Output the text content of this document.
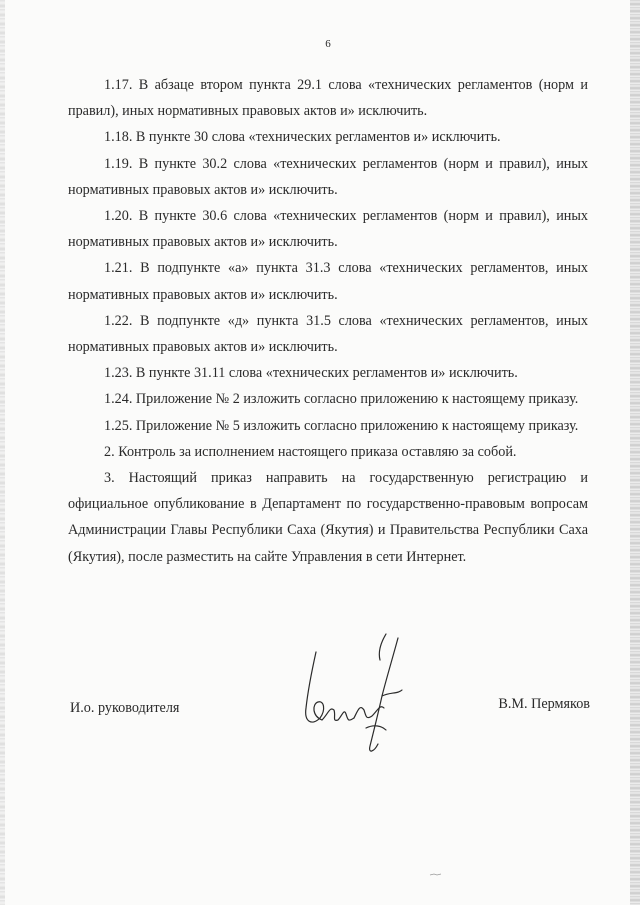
6

1.17. В абзаце втором пункта 29.1 слова «технических регламентов (норм и правил), иных нормативных правовых актов и» исключить.

1.18. В пункте 30 слова «технических регламентов и» исключить.

1.19. В пункте 30.2 слова «технических регламентов (норм и правил), иных нормативных правовых актов и» исключить.

1.20. В пункте 30.6 слова «технических регламентов (норм и правил), иных нормативных правовых актов и» исключить.

1.21. В подпункте «а» пункта 31.3 слова «технических регламентов, иных нормативных правовых актов и» исключить.

1.22. В подпункте «д» пункта 31.5 слова «технических регламентов, иных нормативных правовых актов и» исключить.

1.23. В пункте 31.11 слова «технических регламентов и» исключить.

1.24. Приложение № 2 изложить согласно приложению к настоящему приказу.

1.25. Приложение № 5 изложить согласно приложению к настоящему приказу.

2. Контроль за исполнением настоящего приказа оставляю за собой.

3. Настоящий приказ направить на государственную регистрацию и официальное опубликование в Департамент по государственно-правовым вопросам Администрации Главы Республики Саха (Якутия) и Правительства Республики Саха (Якутия), после разместить на сайте Управления в сети Интернет.

И.о. руководителя	В.М. Пермяков
